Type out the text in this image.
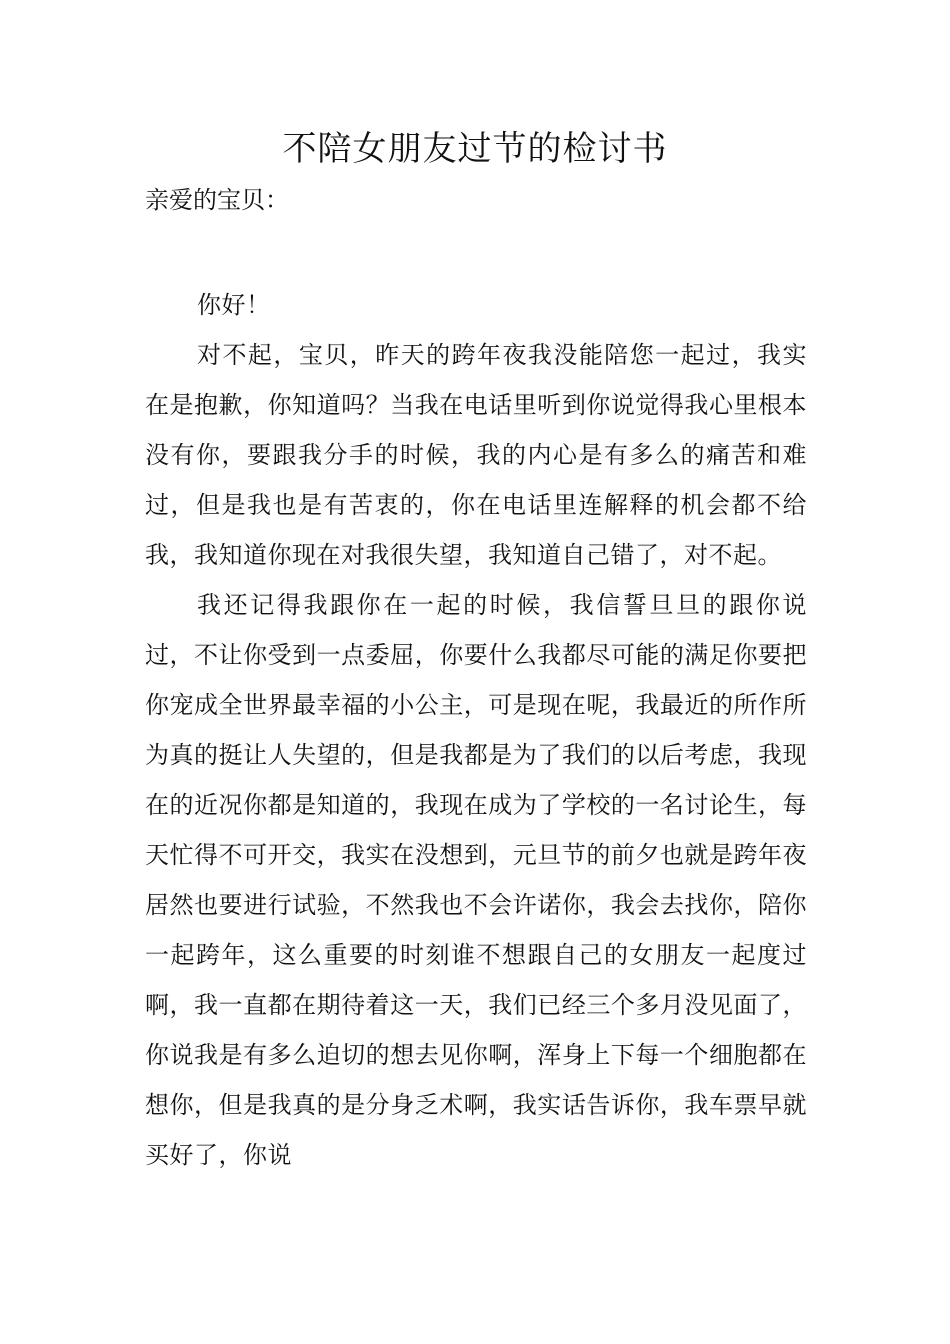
不陪女朋友过节的检讨书

亲爱的宝贝：

你好！

对不起，宝贝，昨天的跨年夜我没能陪您一起过，我实在是抱歉，你知道吗？当我在电话里听到你说觉得我心里根本没有你，要跟我分手的时候，我的内心是有多么的痛苦和难过，但是我也是有苦衷的，你在电话里连解释的机会都不给我，我知道你现在对我很失望，我知道自己错了，对不起。

我还记得我跟你在一起的时候，我信誓旦旦的跟你说过，不让你受到一点委屈，你要什么我都尽可能的满足你要把你宠成全世界最幸福的小公主，可是现在呢，我最近的所作所为真的挺让人失望的，但是我都是为了我们的以后考虑，我现在的近况你都是知道的，我现在成为了学校的一名讨论生，每天忙得不可开交，我实在没想到，元旦节的前夕也就是跨年夜居然也要进行试验，不然我也不会许诺你，我会去找你，陪你一起跨年，这么重要的时刻谁不想跟自己的女朋友一起度过啊，我一直都在期待着这一天，我们已经三个多月没见面了，你说我是有多么迫切的想去见你啊，浑身上下每一个细胞都在想你，但是我真的是分身乏术啊，我实话告诉你，我车票早就买好了，你说
